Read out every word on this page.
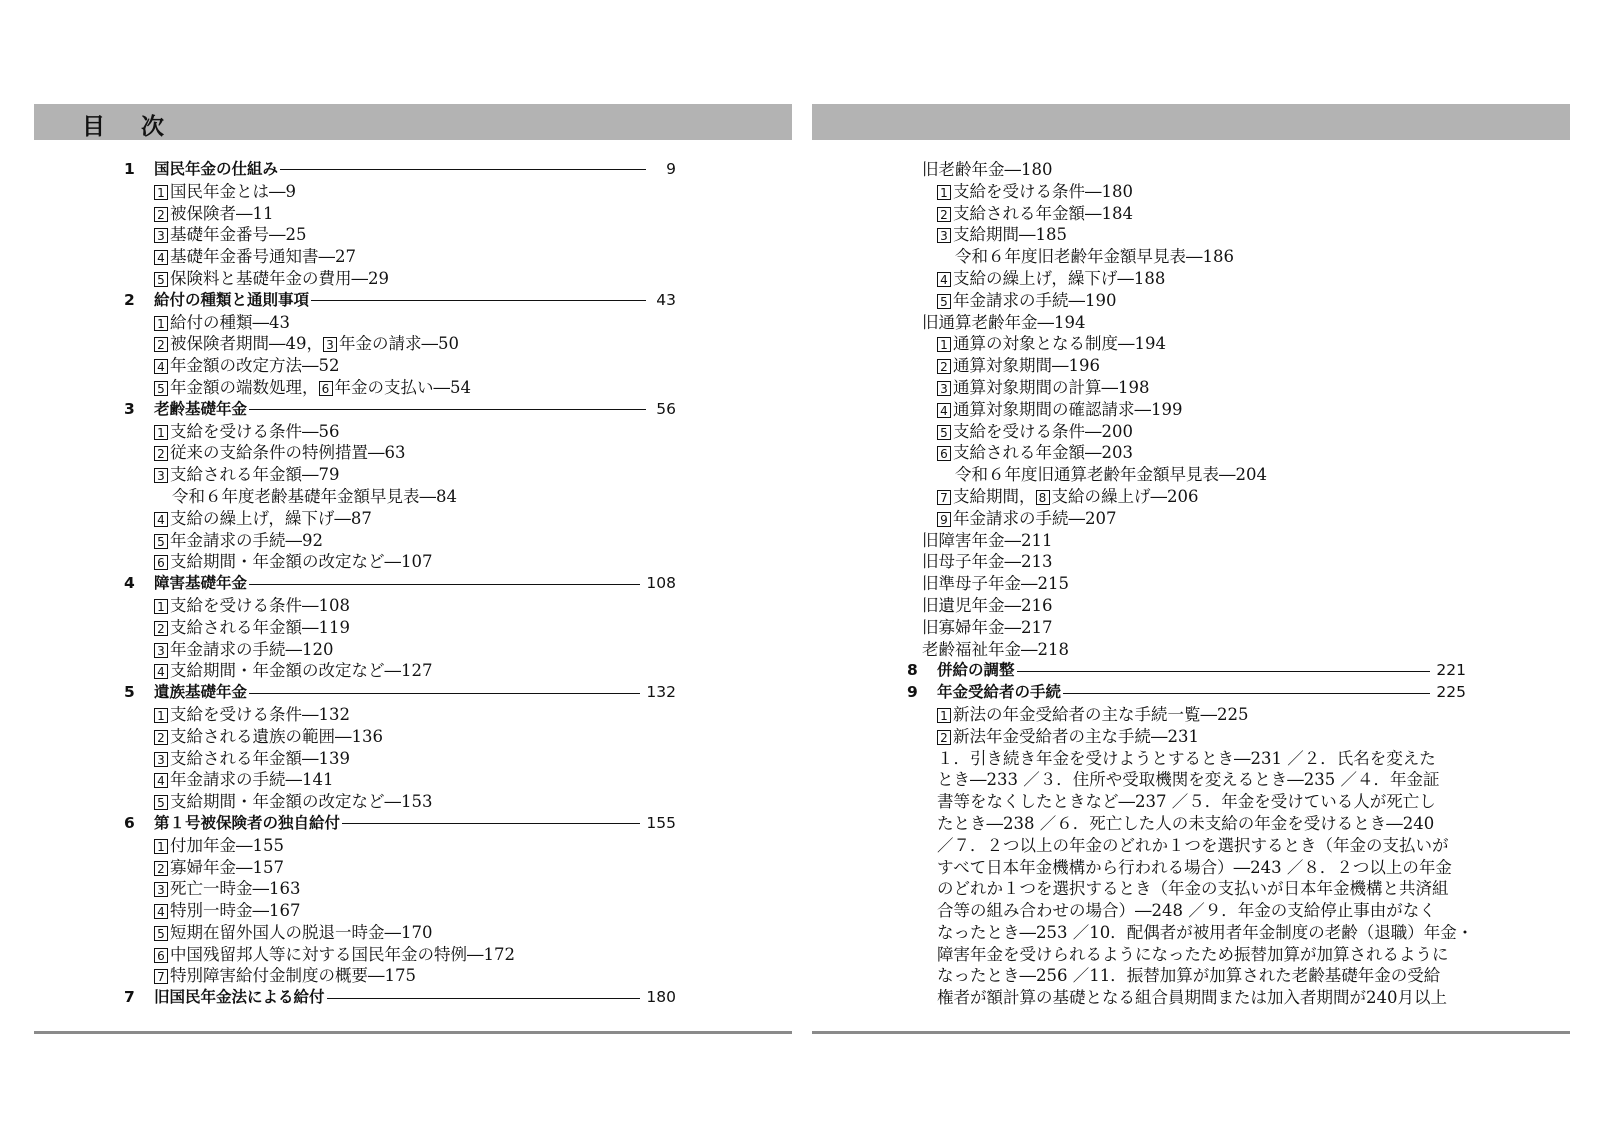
目 次
1	国民年金の仕組み	9
1 国民年金とは―9
2 被保険者―11
3 基礎年金番号―25
4 基礎年金番号通知書―27
5 保険料と基礎年金の費用―29
2	給付の種類と通則事項	43
1 給付の種類―43
2 被保険者期間―49， 3 年金の請求―50
4 年金額の改定方法―52
5 年金額の端数処理， 6 年金の支払い―54
3	老齢基礎年金	56
1 支給を受ける条件―56
2 従来の支給条件の特例措置―63
3 支給される年金額―79
令和６年度老齢基礎年金額早見表―84
4 支給の繰上げ，繰下げ―87
5 年金請求の手続―92
6 支給期間・年金額の改定など―107
4	障害基礎年金	108
1 支給を受ける条件―108
2 支給される年金額―119
3 年金請求の手続―120
4 支給期間・年金額の改定など―127
5	遺族基礎年金	132
1 支給を受ける条件―132
2 支給される遺族の範囲―136
3 支給される年金額―139
4 年金請求の手続―141
5 支給期間・年金額の改定など―153
6	第１号被保険者の独自給付	155
1 付加年金―155
2 寡婦年金―157
3 死亡一時金―163
4 特別一時金―167
5 短期在留外国人の脱退一時金―170
6 中国残留邦人等に対する国民年金の特例―172
7 特別障害給付金制度の概要―175
7	旧国民年金法による給付	180
旧老齢年金―180
1 支給を受ける条件―180
2 支給される年金額―184
3 支給期間―185
令和６年度旧老齢年金額早見表―186
4 支給の繰上げ，繰下げ―188
5 年金請求の手続―190
旧通算老齢年金―194
1 通算の対象となる制度―194
2 通算対象期間―196
3 通算対象期間の計算―198
4 通算対象期間の確認請求―199
5 支給を受ける条件―200
6 支給される年金額―203
令和６年度旧通算老齢年金額早見表―204
7 支給期間， 8 支給の繰上げ―206
9 年金請求の手続―207
旧障害年金―211
旧母子年金―213
旧準母子年金―215
旧遺児年金―216
旧寡婦年金―217
老齢福祉年金―218
8	併給の調整	221
9	年金受給者の手続	225
1 新法の年金受給者の主な手続一覧―225
2 新法年金受給者の主な手続―231
１．引き続き年金を受けようとするとき―231 ／２．氏名を変えた
とき―233 ／３．住所や受取機関を変えるとき―235 ／４．年金証
書等をなくしたときなど―237 ／５．年金を受けている人が死亡し
たとき―238 ／６．死亡した人の未支給の年金を受けるとき―240
／７．２つ以上の年金のどれか１つを選択するとき（年金の支払いが
すべて日本年金機構から行われる場合）―243 ／８．２つ以上の年金
のどれか１つを選択するとき（年金の支払いが日本年金機構と共済組
合等の組み合わせの場合）―248 ／９．年金の支給停止事由がなく
なったとき―253 ／10．配偶者が被用者年金制度の老齢（退職）年金・
障害年金を受けられるようになったため振替加算が加算されるように
なったとき―256 ／11．振替加算が加算された老齢基礎年金の受給
権者が額計算の基礎となる組合員期間または加入者期間が240月以上
